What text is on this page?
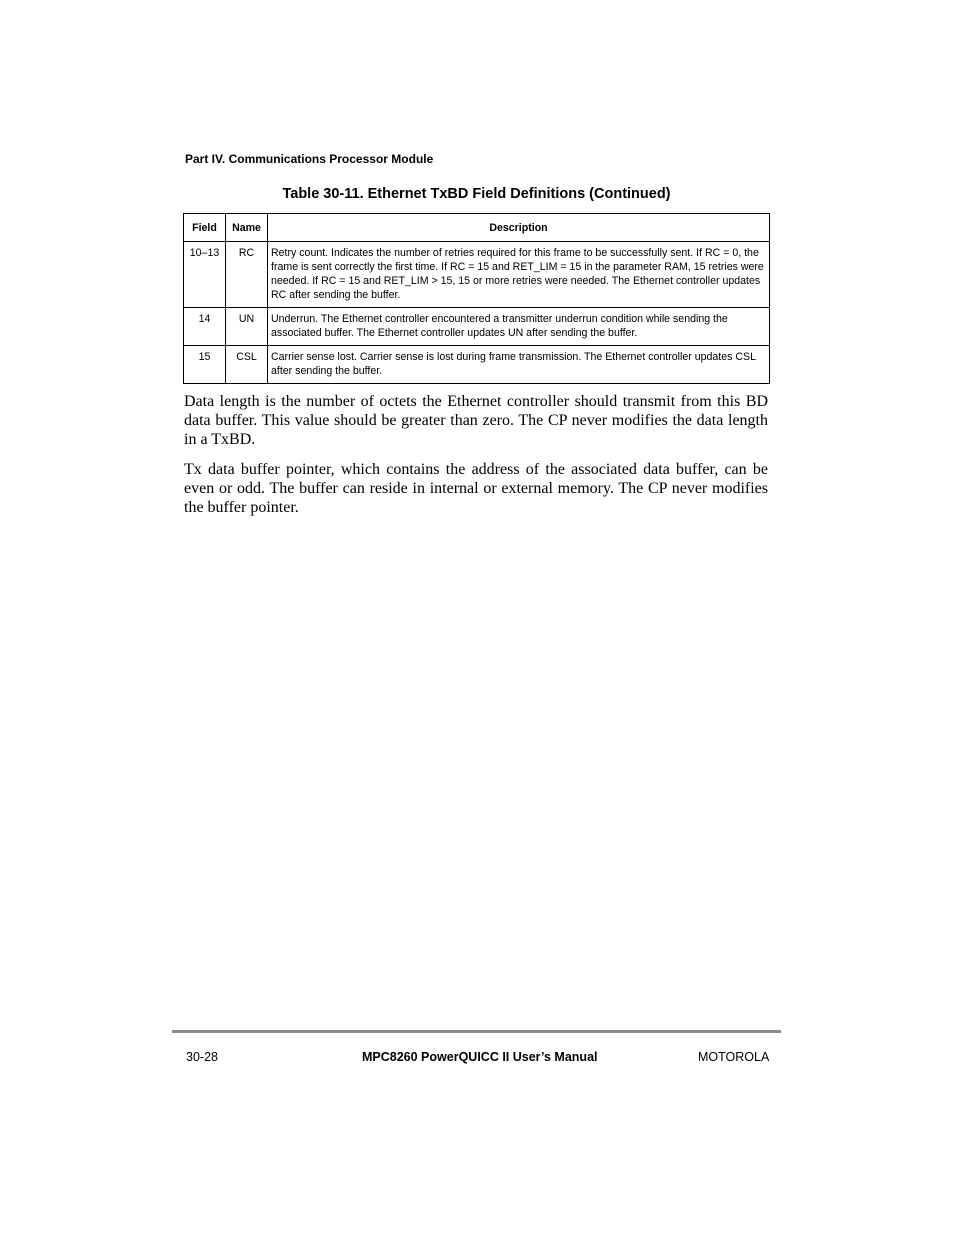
Part IV. Communications Processor Module
Table 30-11. Ethernet TxBD Field Definitions (Continued)
Field	Name	Description
10–13	RC	Retry count. Indicates the number of retries required for this frame to be successfully sent. If RC = 0, the frame is sent correctly the first time. If RC = 15 and RET_LIM = 15 in the parameter RAM, 15 retries were needed. If RC = 15 and RET_LIM > 15, 15 or more retries were needed. The Ethernet controller updates RC after sending the buffer.
14	UN	Underrun. The Ethernet controller encountered a transmitter underrun condition while sending the associated buffer. The Ethernet controller updates UN after sending the buffer.
15	CSL	Carrier sense lost. Carrier sense is lost during frame transmission. The Ethernet controller updates CSL after sending the buffer.

Data length is the number of octets the Ethernet controller should transmit from this BD data buffer. This value should be greater than zero. The CP never modifies the data length in a TxBD.

Tx data buffer pointer, which contains the address of the associated data buffer, can be even or odd. The buffer can reside in internal or external memory. The CP never modifies the buffer pointer.

30-28	MPC8260 PowerQUICC II User’s Manual	MOTOROLA
